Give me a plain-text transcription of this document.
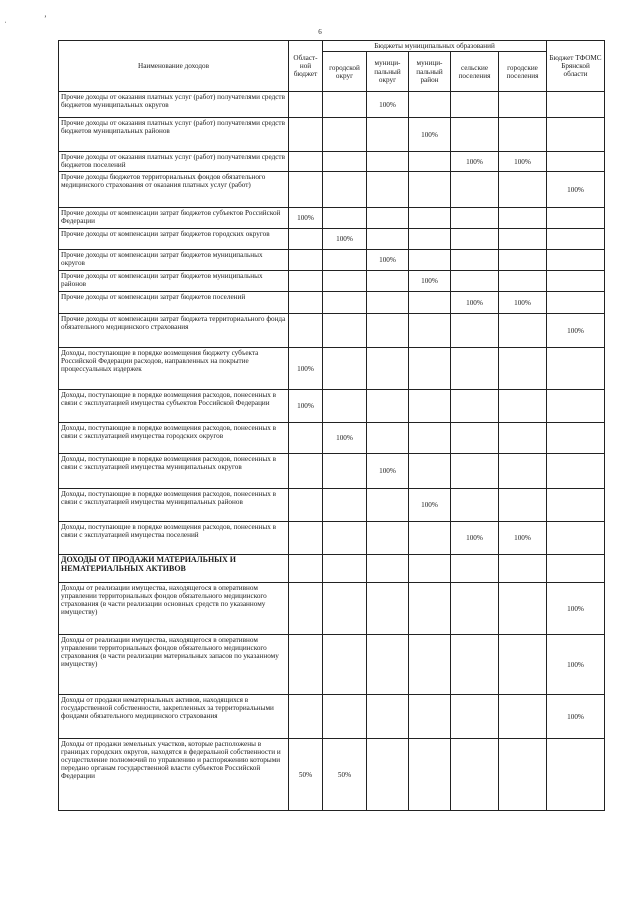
ˌ	ʼ
6
Наименование доходов	Област-ной бюджет	Бюджеты муниципальных образований					Бюджет ТФОМС Брянской области
		городской округ	муници-пальный округ	муници-пальный район	сельские поселения	городские поселения	
Прочие доходы от оказания платных услуг (работ) получателями средств бюджетов муниципальных округов			100%				
Прочие доходы от оказания платных услуг (работ) получателями средств бюджетов муниципальных районов				100%			
Прочие доходы от оказания платных услуг (работ) получателями средств бюджетов поселений					100%	100%	
Прочие доходы бюджетов территориальных фондов обязательного медицинского страхования от оказания платных услуг (работ)							100%
Прочие доходы от компенсации затрат бюджетов субъектов Российской Федерации	100%						
Прочие доходы от компенсации затрат бюджетов городских округов		100%					
Прочие доходы от компенсации затрат бюджетов муниципальных округов			100%				
Прочие доходы от компенсации затрат бюджетов муниципальных районов				100%			
Прочие доходы от компенсации затрат бюджетов поселений					100%	100%	
Прочие доходы от компенсации затрат бюджета территориального фонда обязательного медицинского страхования							100%
Доходы, поступающие в порядке возмещения бюджету субъекта Российской Федерации расходов, направленных на покрытие процессуальных издержек	100%						
Доходы, поступающие в порядке возмещения расходов, понесенных в связи с эксплуатацией имущества субъектов Российской Федерации	100%						
Доходы, поступающие в порядке возмещения расходов, понесенных в связи с эксплуатацией имущества городских округов		100%					
Доходы, поступающие в порядке возмещения расходов, понесенных в связи с эксплуатацией имущества муниципальных округов			100%				
Доходы, поступающие в порядке возмещения расходов, понесенных в связи с эксплуатацией имущества муниципальных районов				100%			
Доходы, поступающие в порядке возмещения расходов, понесенных в связи с эксплуатацией имущества поселений					100%	100%	
ДОХОДЫ ОТ ПРОДАЖИ МАТЕРИАЛЬНЫХ И НЕМАТЕРИАЛЬНЫХ АКТИВОВ							
Доходы от реализации имущества, находящегося в оперативном управлении территориальных фондов обязательного медицинского страхования (в части реализации основных средств по указанному имуществу)							100%
Доходы от реализации имущества, находящегося в оперативном управлении территориальных фондов обязательного медицинского страхования (в части реализации материальных запасов по указанному имуществу)							100%
Доходы от продажи нематериальных активов, находящихся в государственной собственности, закрепленных за территориальными фондами обязательного медицинского страхования							100%
Доходы от продажи земельных участков, которые расположены в границах городских округов, находятся в федеральной собственности и осуществление полномочий по управлению и распоряжению которыми передано органам государственной власти субъектов Российской Федерации	50%	50%					
